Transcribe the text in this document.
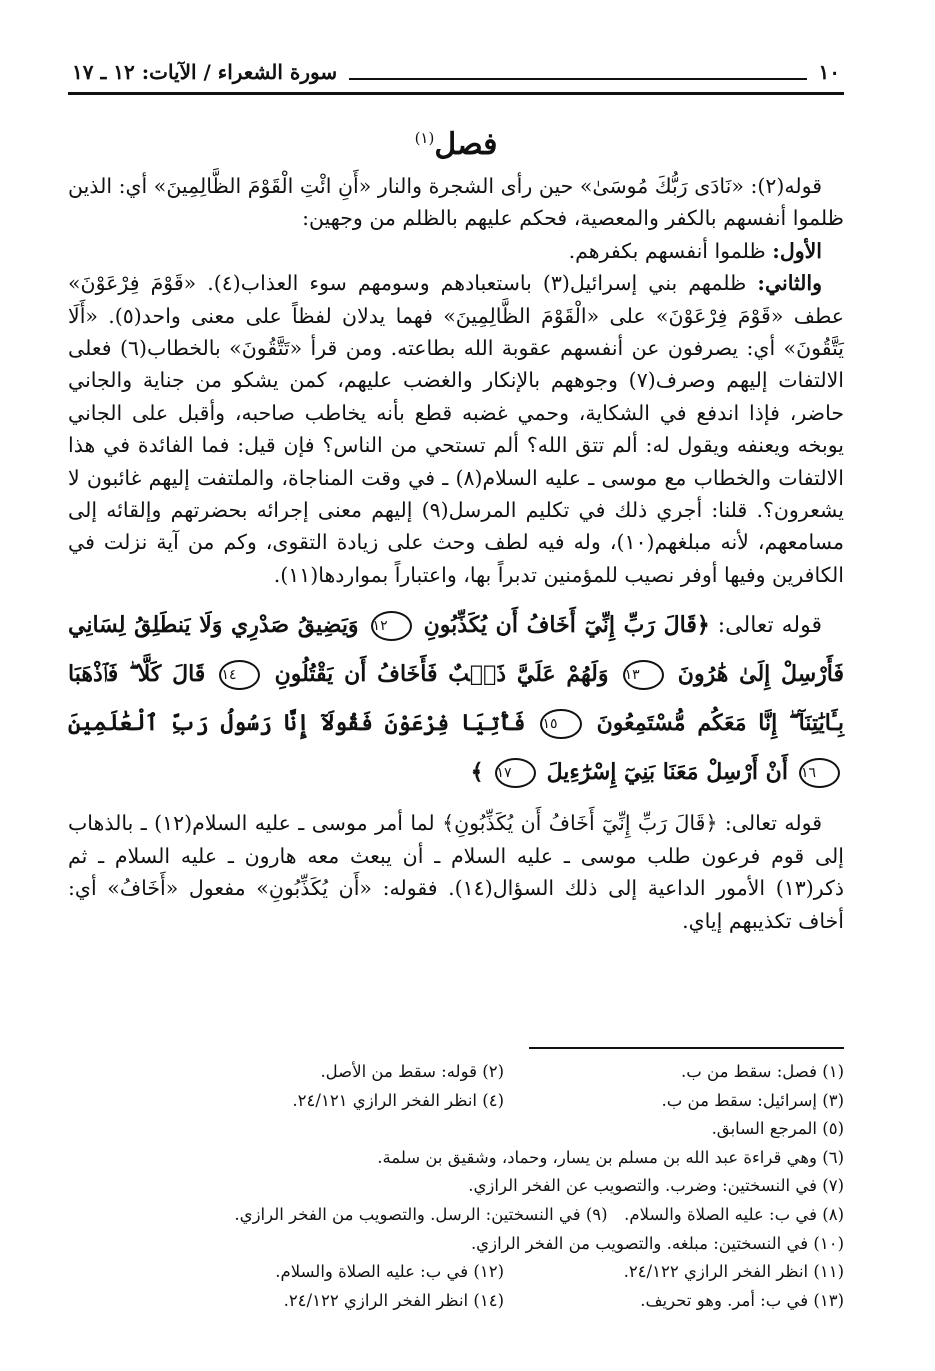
١٠
سورة الشعراء / الآيات: ١٢ ـ ١٧
فصل$^{(١)}$

قوله(٢): «نَادَى رَبُّكَ مُوسَىٰ» حين رأى الشجرة والنار «أَنِ ائْتِ الْقَوْمَ الظَّالِمِينَ» أي: الذين ظلموا أنفسهم بالكفر والمعصية، فحكم عليهم بالظلم من وجهين:

الأول: ظلموا أنفسهم بكفرهم.

والثاني: ظلمهم بني إسرائيل(٣) باستعبادهم وسومهم سوء العذاب(٤). «قَوْمَ فِرْعَوْنَ» عطف «قَوْمَ فِرْعَوْنَ» على «الْقَوْمَ الظَّالِمِينَ» فهما يدلان لفظاً على معنى واحد(٥). «أَلَا يَتَّقُونَ» أي: يصرفون عن أنفسهم عقوبة الله بطاعته. ومن قرأ «تَتَّقُونَ» بالخطاب(٦) فعلى الالتفات إليهم وصرف(٧) وجوههم بالإنكار والغضب عليهم، كمن يشكو من جناية والجاني حاضر، فإذا اندفع في الشكاية، وحمي غضبه قطع بأنه يخاطب صاحبه، وأقبل على الجاني يوبخه ويعنفه ويقول له: ألم تتق الله؟ ألم تستحي من الناس؟ فإن قيل: فما الفائدة في هذا الالتفات والخطاب مع موسى ـ عليه السلام(٨) ـ في وقت المناجاة، والملتفت إليهم غائبون لا يشعرون؟. قلنا: أجري ذلك في تكليم المرسل(٩) إليهم معنى إجرائه بحضرتهم وإلقائه إلى مسامعهم، لأنه مبلغهم(١٠)، وله فيه لطف وحث على زيادة التقوى، وكم من آية نزلت في الكافرين وفيها أوفر نصيب للمؤمنين تدبراً بها، واعتباراً بمواردها(١١).

قوله تعالى: ﴿قَالَ رَبِّ إِنِّيٓ أَخَافُ أَن يُكَذِّبُونِ ١٢ وَيَضِيقُ صَدْرِي وَلَا يَنطَلِقُ لِسَانِي فَأَرْسِلْ إِلَىٰ هَٰرُونَ ١٣ وَلَهُمْ عَلَيَّ ذَنۢبٌ فَأَخَافُ أَن يَقْتُلُونِ ١٤ قَالَ كَلَّا ۖ فَٱذْهَبَا بِـَٔايَٰتِنَآ ۖ إِنَّا مَعَكُم مُّسْتَمِعُونَ ١٥ فَأْتِيَا فِرْعَوْنَ فَقُولَآ إِنَّا رَسُولُ رَبِّ ٱلْعَٰلَمِينَ ١٦ أَنْ أَرْسِلْ مَعَنَا بَنِيٓ إِسْرَٰٓءِيلَ ١٧ ﴾

قوله تعالى: ﴿قَالَ رَبِّ إِنِّيٓ أَخَافُ أَن يُكَذِّبُونِ﴾ لما أمر موسى ـ عليه السلام(١٢) ـ بالذهاب إلى قوم فرعون طلب موسى ـ عليه السلام ـ أن يبعث معه هارون ـ عليه السلام ـ ثم ذكر(١٣) الأمور الداعية إلى ذلك السؤال(١٤). فقوله: «أَن يُكَذِّبُونِ» مفعول «أَخَافُ» أي: أخاف تكذيبهم إياي.

(١) فصل: سقط من ب.
(٢) قوله: سقط من الأصل.
(٣) إسرائيل: سقط من ب.
(٤) انظر الفخر الرازي ٢٤/١٢١.
(٥) المرجع السابق.
(٦) وهي قراءة عبد الله بن مسلم بن يسار، وحماد، وشقيق بن سلمة.
(٧) في النسختين: وضرب. والتصويب عن الفخر الرازي.
(٨) في ب: عليه الصلاة والسلام.
(٩) في النسختين: الرسل. والتصويب من الفخر الرازي.
(١٠) في النسختين: مبلغه. والتصويب من الفخر الرازي.
(١١) انظر الفخر الرازي ٢٤/١٢٢.
(١٢) في ب: عليه الصلاة والسلام.
(١٣) في ب: أمر. وهو تحريف.
(١٤) انظر الفخر الرازي ٢٤/١٢٢.
